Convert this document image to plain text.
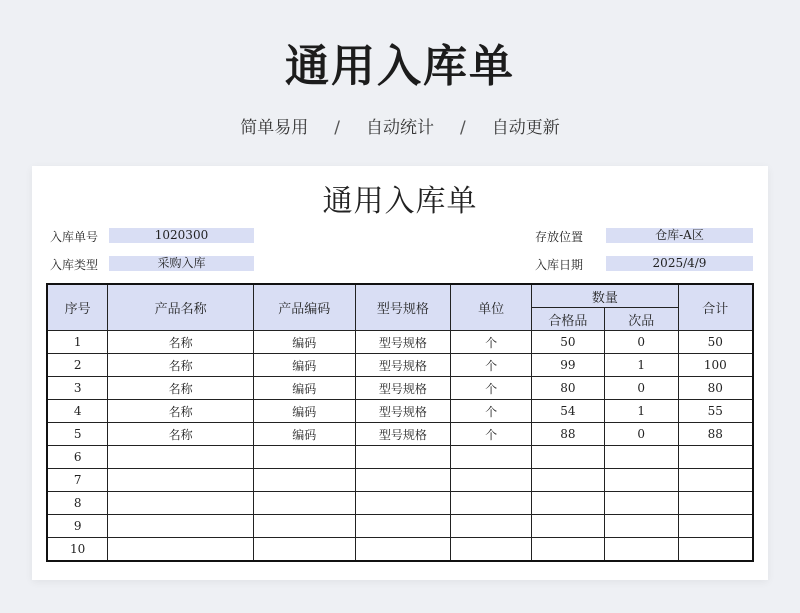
通用入库单
简单易用 / 自动统计 / 自动更新
通用入库单
入库单号	1020300
入库类型	采购入库
存放位置	仓库-A区
入库日期	2025/4/9
序号	产品名称	产品编码	型号规格	单位	数量		合计
					合格品	次品	
1	名称	编码	型号规格	个	50	0	50
2	名称	编码	型号规格	个	99	1	100
3	名称	编码	型号规格	个	80	0	80
4	名称	编码	型号规格	个	54	1	55
5	名称	编码	型号规格	个	88	0	88
6							
7							
8							
9							
10							
